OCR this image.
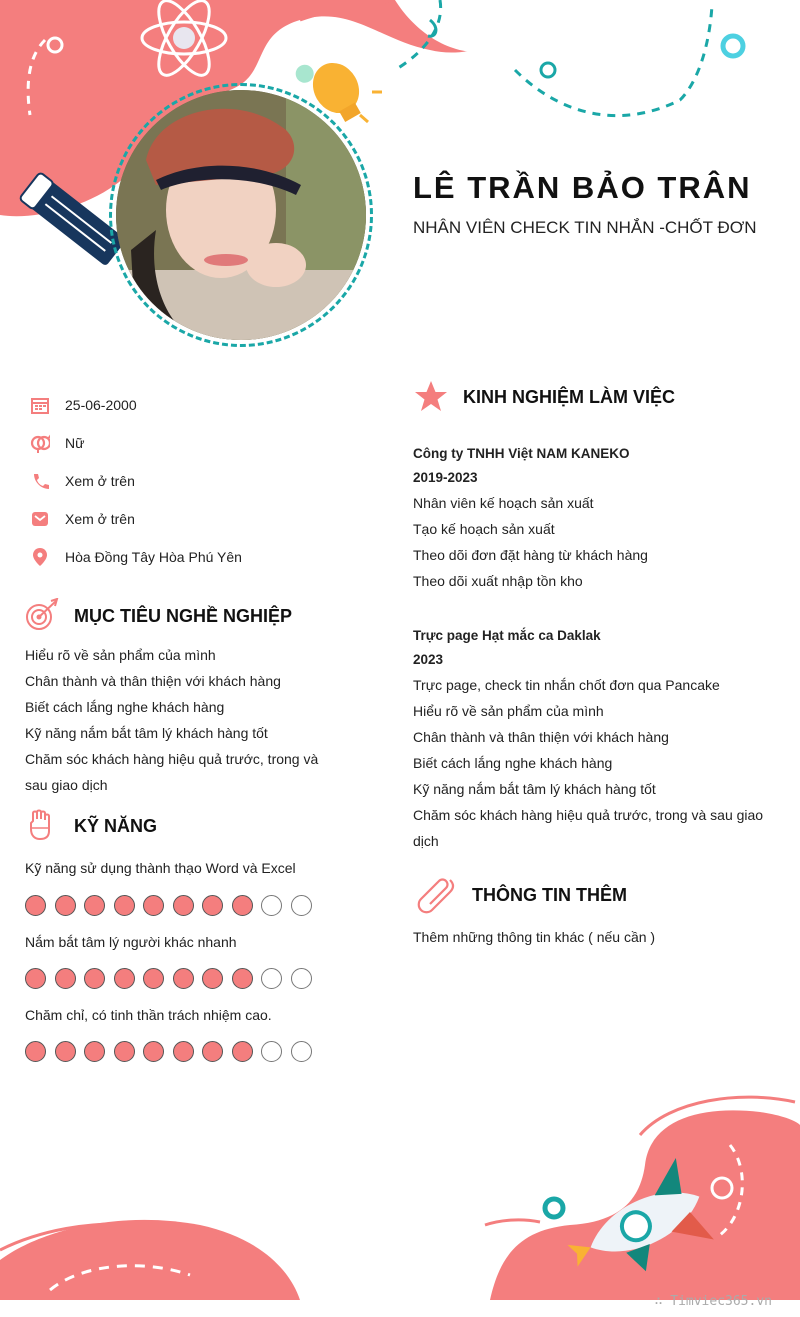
LÊ TRẦN BẢO TRÂN
NHÂN VIÊN CHECK TIN NHẮN -CHỐT ĐƠN
25-06-2000
Nữ
Xem ở trên
Xem ở trên
Hòa Đồng Tây Hòa Phú Yên
MỤC TIÊU NGHỀ NGHIỆP
Hiểu rõ về sản phẩm của mình
Chân thành và thân thiện với khách hàng
Biết cách lắng nghe khách hàng
Kỹ năng nắm bắt tâm lý khách hàng tốt
Chăm sóc khách hàng hiệu quả trước, trong và
sau giao dịch
KỸ NĂNG
Kỹ năng sử dụng thành thạo Word và Excel
Nắm bắt tâm lý người khác nhanh
Chăm chỉ, có tinh thần trách nhiệm cao.
KINH NGHIỆM LÀM VIỆC
Công ty TNHH Việt NAM KANEKO
2019-2023
Nhân viên kế hoạch sản xuất
Tạo kế hoạch sản xuất
Theo dõi đơn đặt hàng từ khách hàng
Theo dõi xuất nhập tồn kho
Trực page Hạt mắc ca Daklak
2023
Trực page, check tin nhắn chốt đơn qua Pancake
Hiểu rõ về sản phẩm của mình
Chân thành và thân thiện với khách hàng
Biết cách lắng nghe khách hàng
Kỹ năng nắm bắt tâm lý khách hàng tốt
Chăm sóc khách hàng hiệu quả trước, trong và sau giao
dịch
THÔNG TIN THÊM
Thêm những thông tin khác ( nếu cần )
∴ Timviec365.vn
